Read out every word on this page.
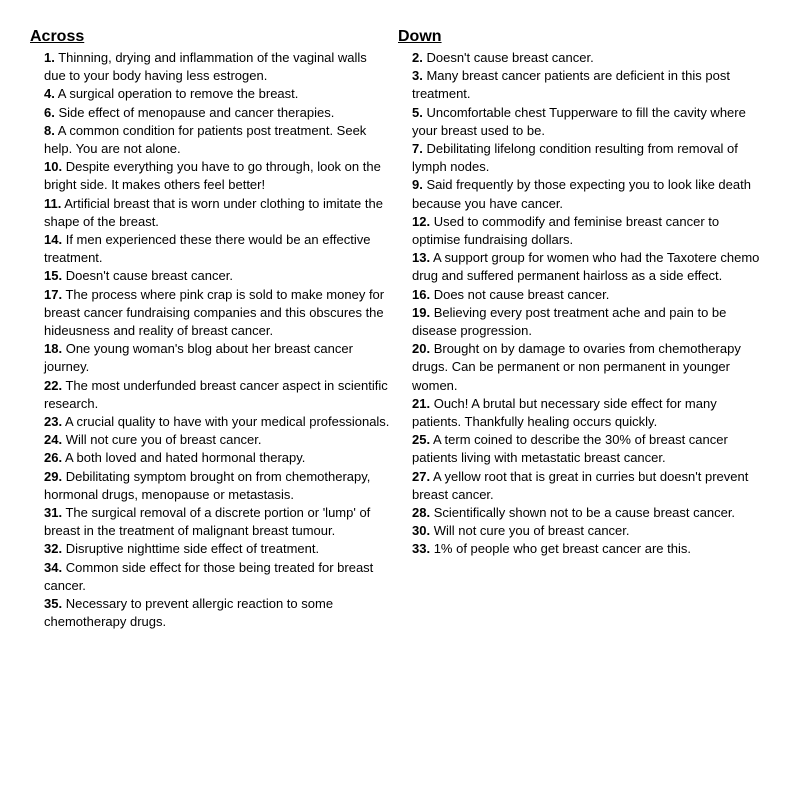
Across
1. Thinning, drying and inflammation of the vaginal walls due to your body having less estrogen.
4. A surgical operation to remove the breast.
6. Side effect of menopause and cancer therapies.
8. A common condition for patients post treatment. Seek help. You are not alone.
10. Despite everything you have to go through, look on the bright side. It makes others feel better!
11. Artificial breast that is worn under clothing to imitate the shape of the breast.
14. If men experienced these there would be an effective treatment.
15. Doesn't cause breast cancer.
17. The process where pink crap is sold to make money for breast cancer fundraising companies and this obscures the hideusness and reality of breast cancer.
18. One young woman's blog about her breast cancer journey.
22. The most underfunded breast cancer aspect in scientific research.
23. A crucial quality to have with your medical professionals.
24. Will not cure you of breast cancer.
26. A both loved and hated hormonal therapy.
29. Debilitating symptom brought on from chemotherapy, hormonal drugs, menopause or metastasis.
31. The surgical removal of a discrete portion or 'lump' of breast in the treatment of malignant breast tumour.
32. Disruptive nighttime side effect of treatment.
34. Common side effect for those being treated for breast cancer.
35. Necessary to prevent allergic reaction to some chemotherapy drugs.
Down
2. Doesn't cause breast cancer.
3. Many breast cancer patients are deficient in this post treatment.
5. Uncomfortable chest Tupperware to fill the cavity where your breast used to be.
7. Debilitating lifelong condition resulting from removal of lymph nodes.
9. Said frequently by those expecting you to look like death because you have cancer.
12. Used to commodify and feminise breast cancer to optimise fundraising dollars.
13. A support group for women who had the Taxotere chemo drug and suffered permanent hairloss as a side effect.
16. Does not cause breast cancer.
19. Believing every post treatment ache and pain to be disease progression.
20. Brought on by damage to ovaries from chemotherapy drugs. Can be permanent or non permanent in younger women.
21. Ouch! A brutal but necessary side effect for many patients. Thankfully healing occurs quickly.
25. A term coined to describe the 30% of breast cancer patients living with metastatic breast cancer.
27. A yellow root that is great in curries but doesn't prevent breast cancer.
28. Scientifically shown not to be a cause breast cancer.
30. Will not cure you of breast cancer.
33. 1% of people who get breast cancer are this.
